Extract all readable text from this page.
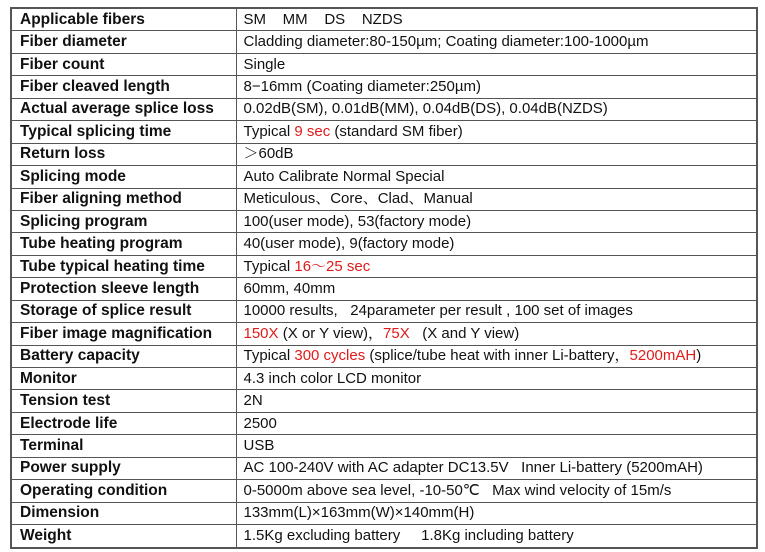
Applicable fibers	SM    MM    DS    NZDS
Fiber diameter	Cladding diameter:80-150µm; Coating diameter:100-1000µm
Fiber count	Single
Fiber cleaved length	8−16mm (Coating diameter:250µm)
Actual average splice loss	0.02dB(SM), 0.01dB(MM), 0.04dB(DS), 0.04dB(NZDS)
Typical splicing time	Typical 9 sec (standard SM fiber)
Return loss	＞60dB
Splicing mode	Auto Calibrate Normal Special
Fiber aligning method	Meticulous、Core、Clad、Manual
Splicing program	100(user mode), 53(factory mode)
Tube heating program	40(user mode), 9(factory mode)
Tube typical heating time	Typical 16～25 sec
Protection sleeve length	60mm, 40mm
Storage of splice result	10000 results,   24parameter per result , 100 set of images
Fiber image magnification	150X (X or Y view)，75X   (X and Y view)
Battery capacity	Typical 300 cycles (splice/tube heat with inner Li-battery，5200mAH)
Monitor	4.3 inch color LCD monitor
Tension test	2N
Electrode life	2500
Terminal	USB
Power supply	AC 100-240V with AC adapter DC13.5V   Inner Li-battery (5200mAH)
Operating condition	0-5000m above sea level, -10-50℃   Max wind velocity of 15m/s
Dimension	133mm(L)×163mm(W)×140mm(H)
Weight	1.5Kg excluding battery     1.8Kg including battery
